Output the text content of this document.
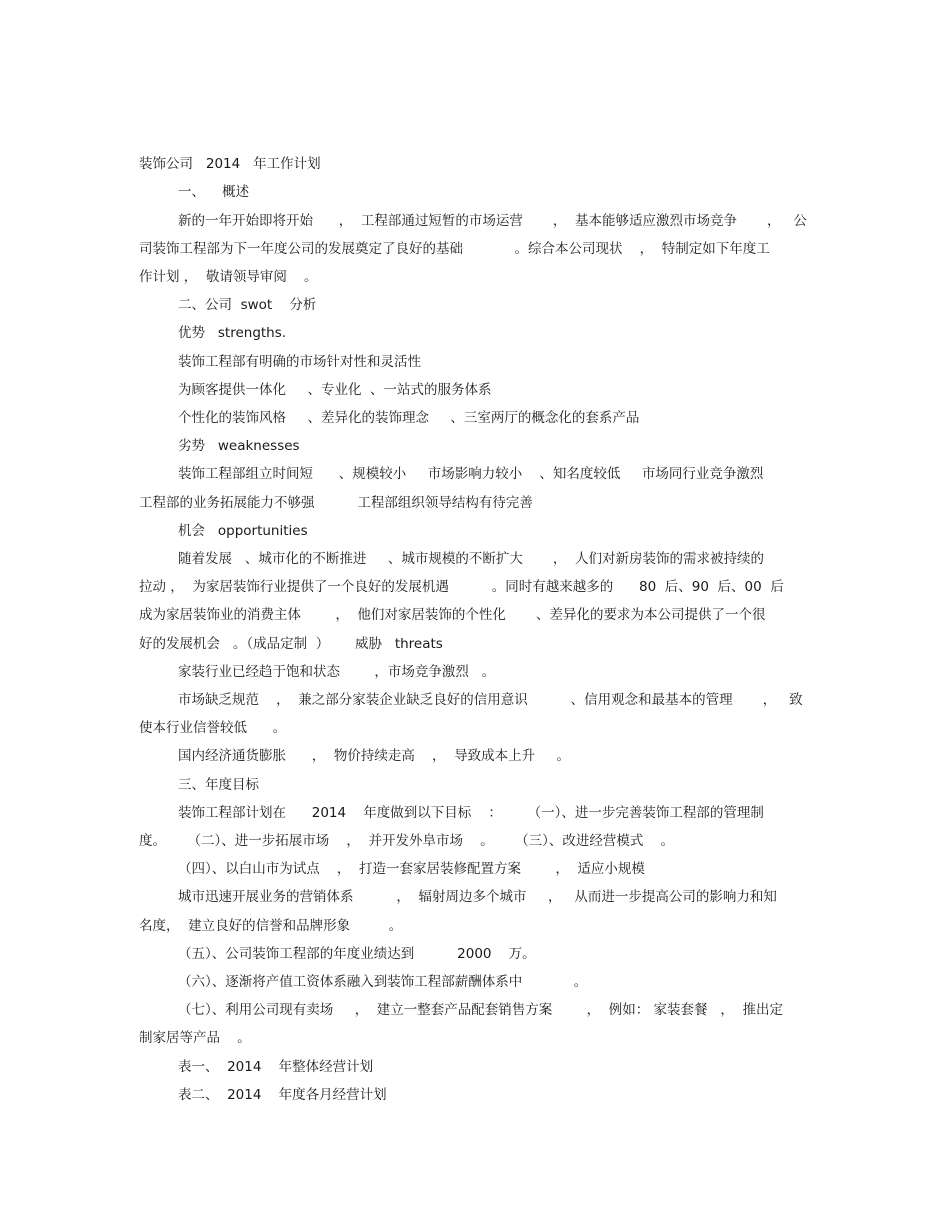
装饰公司   2014   年工作计划
一、    概述
新的一年开始即将开始      ，  工程部通过短暂的市场运营       ，  基本能够适应激烈市场竞争       ，   公
司装饰工程部为下一年度公司的发展奠定了良好的基础            。综合本公司现状    ，  特制定如下年度工
作计划 ，  敬请领导审阅    。
二、公司  swot    分析
优势   strengths.
装饰工程部有明确的市场针对性和灵活性
为顾客提供一体化     、专业化  、一站式的服务体系
个性化的装饰风格     、差异化的装饰理念     、三室两厅的概念化的套系产品
劣势   weaknesses
装饰工程部组立时间短      、规模较小     市场影响力较小    、知名度较低     市场同行业竞争激烈
工程部的业务拓展能力不够强          工程部组织领导结构有待完善
机会   opportunities
随着发展   、城市化的不断推进     、城市规模的不断扩大       ，  人们对新房装饰的需求被持续的
拉动 ，  为家居装饰行业提供了一个良好的发展机遇          。同时有越来越多的      80  后、90  后、00  后
成为家居装饰业的消费主体        ，  他们对家居装饰的个性化       、差异化的要求为本公司提供了一个很
好的发展机会   。（成品定制  ）      威胁   threats
家装行业已经趋于饱和状态        ，市场竞争激烈   。
市场缺乏规范    ，  兼之部分家装企业缺乏良好的信用意识          、信用观念和最基本的管理       ，   致
使本行业信誉较低      。
国内经济通货膨胀      ，  物价持续走高    ，  导致成本上升     。
三、年度目标
装饰工程部计划在      2014    年度做到以下目标    ：      （一）、进一步完善装饰工程部的管理制
度。     （二）、进一步拓展市场    ，  并开发外阜市场    。     （三）、改进经营模式    。
（四）、以白山市为试点    ，  打造一套家居装修配置方案        ，  适应小规模
城市迅速开展业务的营销体系          ，  辐射周边多个城市     ，   从而进一步提高公司的影响力和知
名度，  建立良好的信誉和品牌形象         。
（五）、公司装饰工程部的年度业绩达到          2000    万。
（六）、逐渐将产值工资体系融入到装饰工程部薪酬体系中            。
（七）、利用公司现有卖场     ，  建立一整套产品配套销售方案        ，  例如： 家装套餐   ，  推出定
制家居等产品    。
表一、  2014    年整体经营计划
表二、  2014    年度各月经营计划
